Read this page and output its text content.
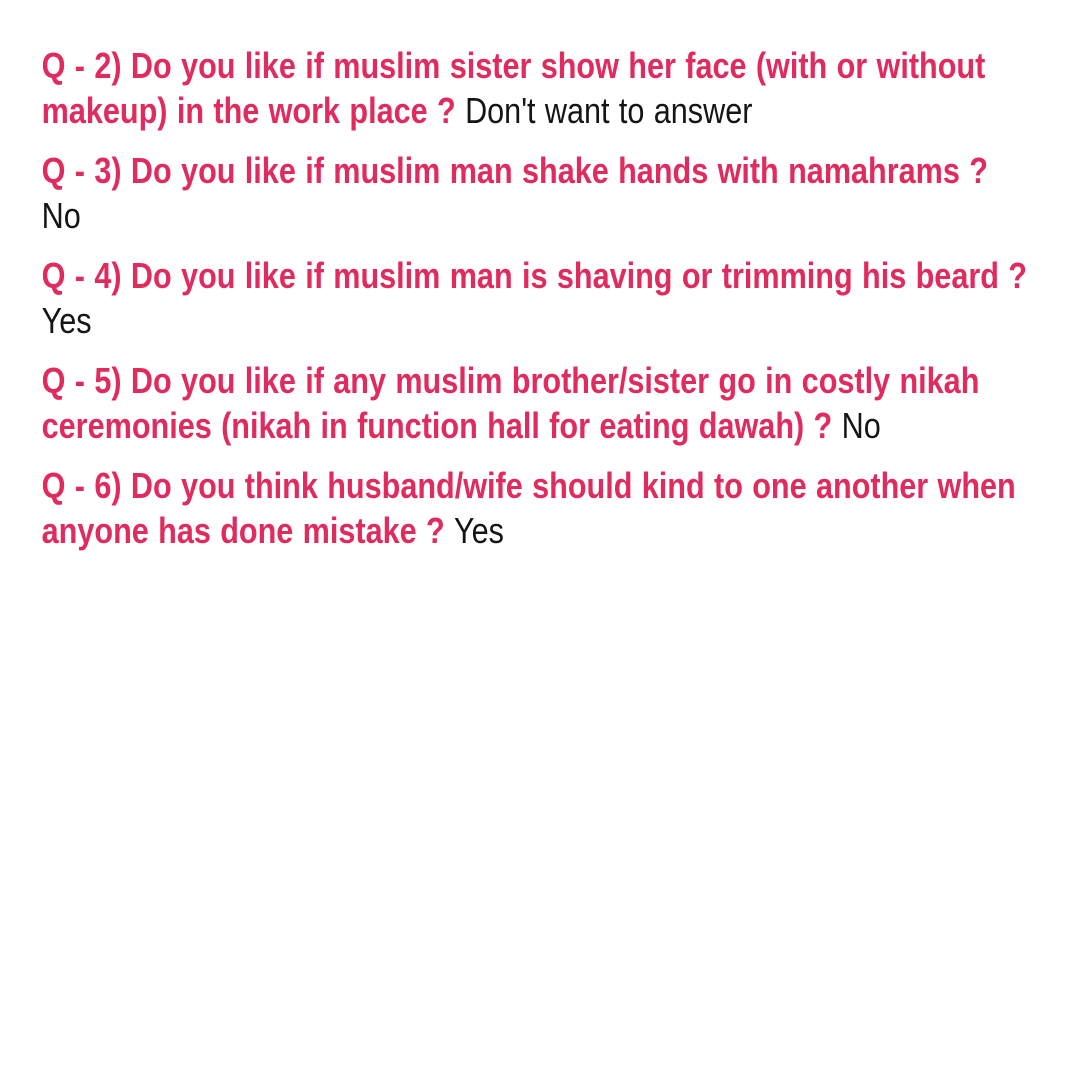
Q - 2) Do you like if muslim sister show her face (with or without makeup) in the work place ? Don't want to answer

Q - 3) Do you like if muslim man shake hands with namahrams ? No

Q - 4) Do you like if muslim man is shaving or trimming his beard ? Yes

Q - 5) Do you like if any muslim brother/sister go in costly nikah ceremonies (nikah in function hall for eating dawah) ? No

Q - 6) Do you think husband/wife should kind to one another when anyone has done mistake ? Yes
